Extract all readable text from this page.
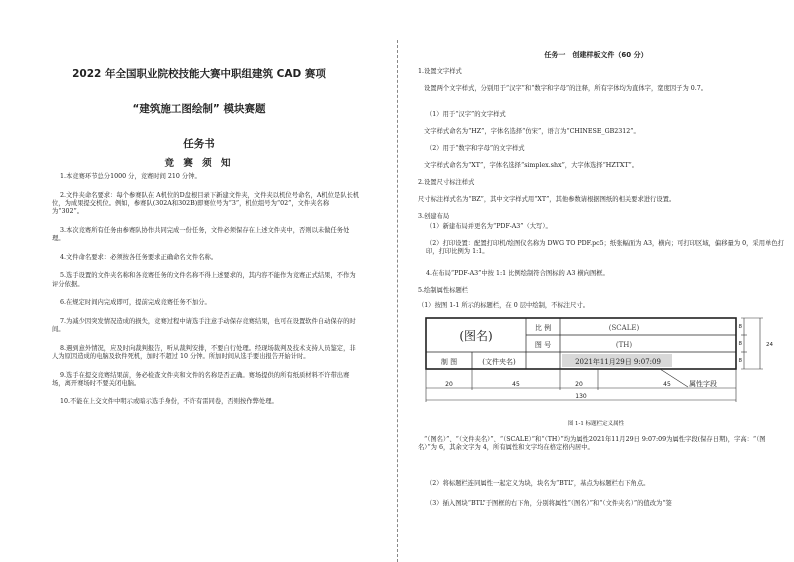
2022 年全国职业院校技能大赛中职组建筑 CAD 赛项
“建筑施工图绘制” 模块赛题
任务书
竞 赛 须 知

1.本竞赛环节总分1000 分，竞赛时间 210 分钟。

2.文件夹命名要求：每个参赛队在 A机位的D盘根目录下新建文件夹，文件夹以机位号命名，A机位是队长机位，为成果提交机位。例如，参赛队(302A和302B)即赛位号为“3”，机位组号为“02”，文件夹名称为“302”。

3.本次竞赛所有任务由参赛队协作共同完成一份任务，文件必须保存在上述文件夹中，否则以未做任务处理。

4.文件命名要求：必须按各任务要求正确命名文件名称。

5.选手设置的文件夹名称和各竞赛任务的文件名称不得上述要求的，其内容不能作为竞赛正式结果，不作为评分依据。

6.在规定时间内完成即可，提前完成竞赛任务不加分。

7.为减少因突发情况造成的损失，竞赛过程中请选手注意手动保存竞赛结果，也可在设置软件自动保存的时间。

8.遇到意外情况，应及时向裁判报告，听从裁判安排，不要自行处理。经现场裁判及技术支持人员鉴定，非人为原因造成的电脑及软件死机，加时不超过 10 分钟。所加时间从选手要出报告开始计时。

9.选手在提交竞赛结果前，务必检查文件夹和文件的名称是否正确。赛场提供的所有纸质材料不许带出赛场，离开赛场时不要关闭电脑。

10.不能在上交文件中明示或暗示选手身份，不许有雷同卷，否则按作弊处理。

任务一　创建样板文件（60 分）
1.设置文字样式
设置两个文字样式，分别用于“汉字”和“数字和字母”的注释，所有字体均为直体字，宽度因子为 0.7。
（1）用于“汉字”的文字样式
文字样式命名为“HZ”，字体名选择“仿宋”，语言为“CHINESE_GB2312”。
（2）用于“数字和字母”的文字样式
文字样式命名为“XT”，字体名选择“simplex.shx”，大字体选择“HZTXT”。
2.设置尺寸标注样式
尺寸标注样式名为“BZ”，其中文字样式用“XT”，其他参数请根据图纸的相关要求进行设置。
3.创建布局
（1）新建布局并更名为“PDF-A3”（大写）。
（2）打印设置：配置打印机/绘图仪名称为 DWG TO PDF.pc5；纸张幅面为 A3，横向；可打印区域，偏移量为 0，采用单色打印，打印比例为 1:1。
4.在布局“PDF-A3”中按 1:1 比例绘制符合图标的 A3 横向图框。
5.绘制属性标题栏
（1）按图 1-1 所示的标题栏，在 0 层中绘制，不标注尺寸。
(图名)
比 例	(SCALE)
图 号	(TH)
制 图	(文件夹名)	2021年11月29日 9:07:09
8
8
8
24
20	45	20	45
130
属性字段
图 1-1 标题栏定义属性
“（图名）”、“（文件夹名）”、“（SCALE）”和“（TH）”均为属性2021年11月29日 9:07:09为属性字段(保存日期)，字高：“（图名）”为 6，其余文字为 4，所有属性和文字均在格定格内居中。
（2）将标题栏连同属性一起定义为块，块名为“BTL”，基点为标题栏右下角点。
（3）插入图块“BTL”于图框的右下角，分别将属性“（图名）”和“（文件夹名）”的值改为“签
